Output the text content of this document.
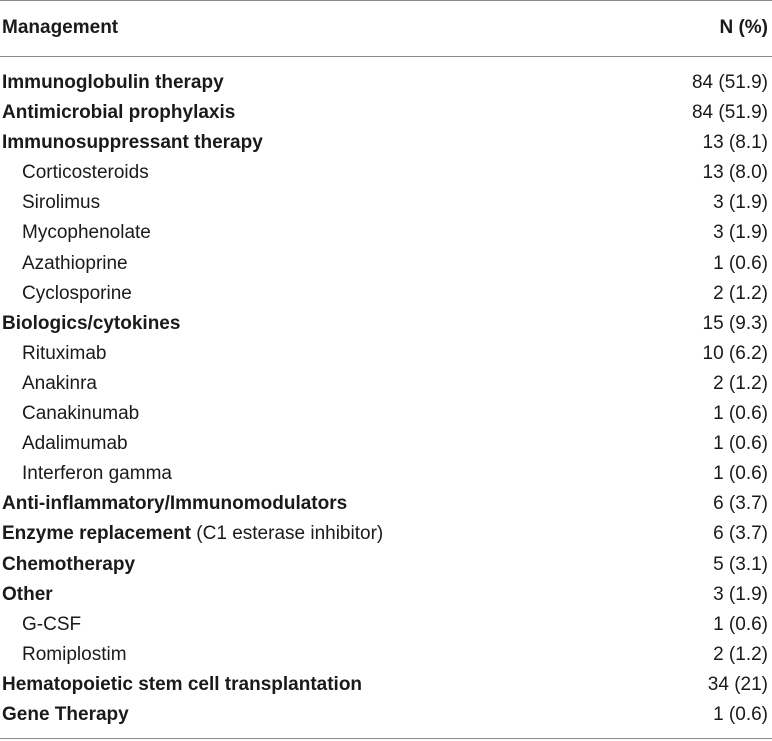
Management	N (%)
Immunoglobulin therapy	84 (51.9)
Antimicrobial prophylaxis	84 (51.9)
Immunosuppressant therapy	13 (8.1)
Corticosteroids	13 (8.0)
Sirolimus	3 (1.9)
Mycophenolate	3 (1.9)
Azathioprine	1 (0.6)
Cyclosporine	2 (1.2)
Biologics/cytokines	15 (9.3)
Rituximab	10 (6.2)
Anakinra	2 (1.2)
Canakinumab	1 (0.6)
Adalimumab	1 (0.6)
Interferon gamma	1 (0.6)
Anti-inflammatory/Immunomodulators	6 (3.7)
Enzyme replacement (C1 esterase inhibitor)	6 (3.7)
Chemotherapy	5 (3.1)
Other	3 (1.9)
G-CSF	1 (0.6)
Romiplostim	2 (1.2)
Hematopoietic stem cell transplantation	34 (21)
Gene Therapy	1 (0.6)
